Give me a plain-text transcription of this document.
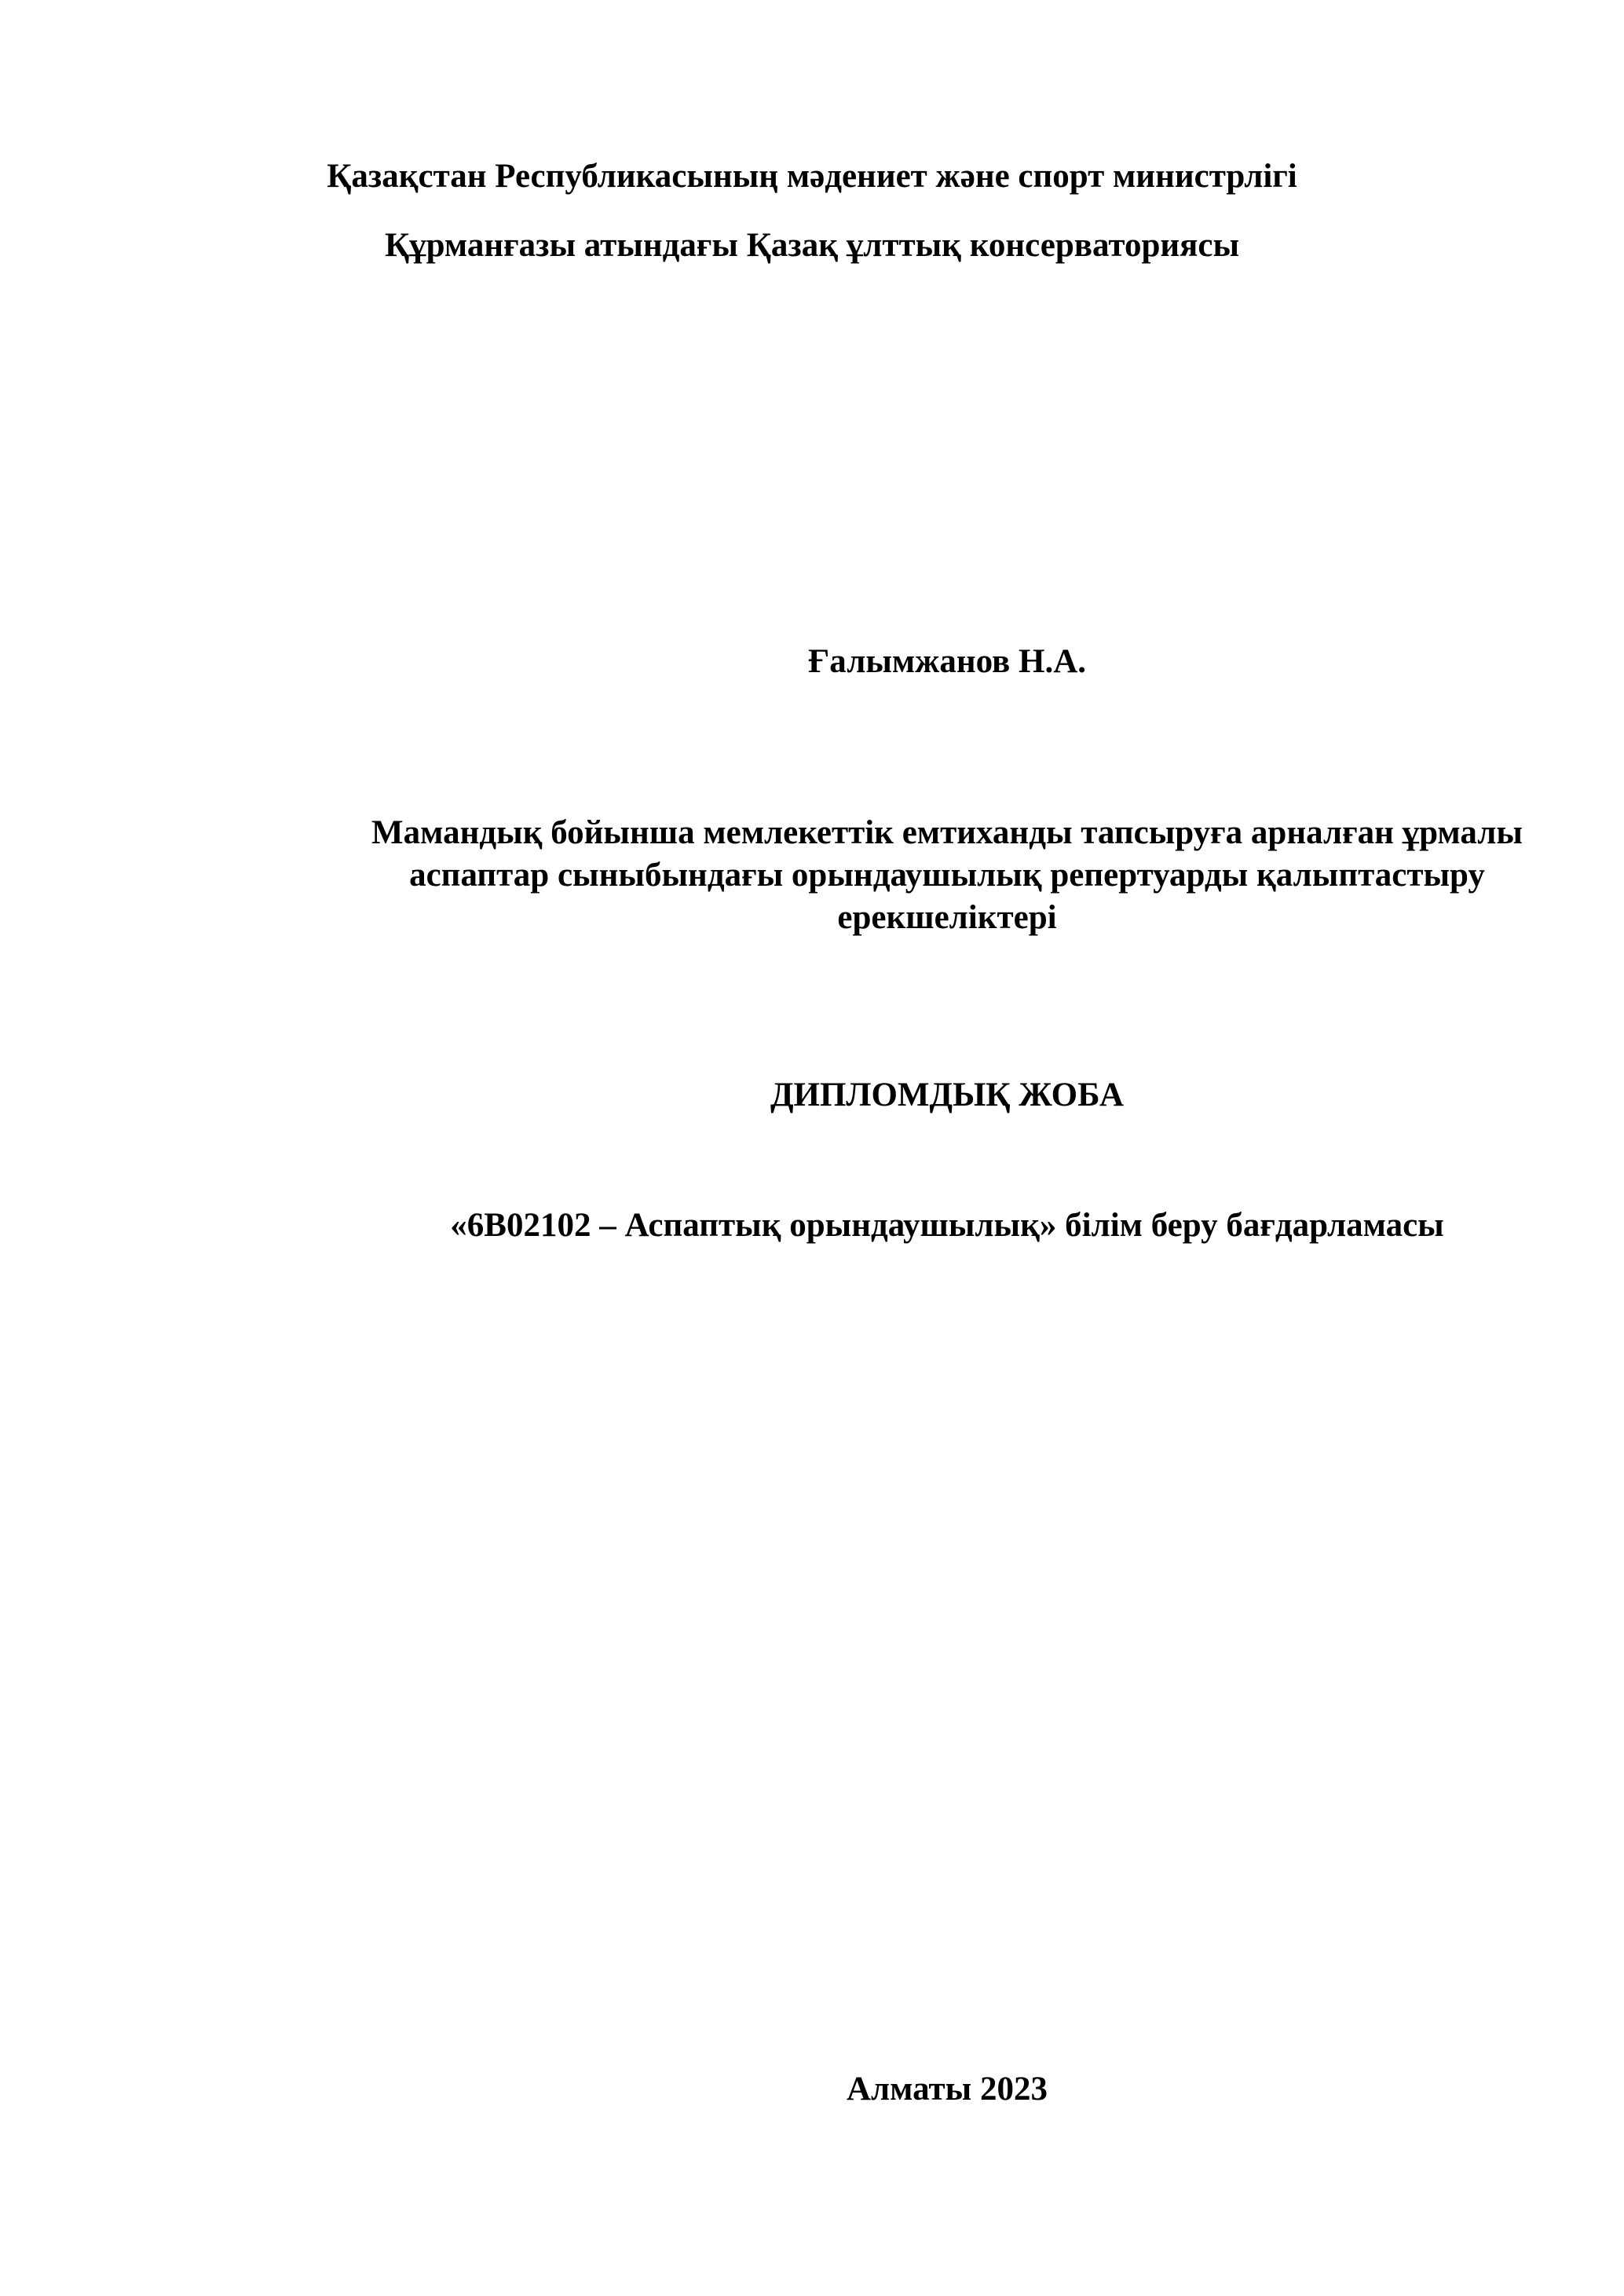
Қазақстан Республикасының мәдениет және спорт министрлігі
Құрманғазы атындағы Қазақ ұлттық консерваториясы
Ғалымжанов Н.А.
Мамандық бойынша мемлекеттік емтиханды тапсыруға арналған ұрмалы
аспаптар сыныбындағы орындаушылық репертуарды қалыптастыру
ерекшеліктері
ДИПЛОМДЫҚ ЖОБА
«6В02102 – Аспаптық орындаушылық» білім беру бағдарламасы
Алматы 2023
